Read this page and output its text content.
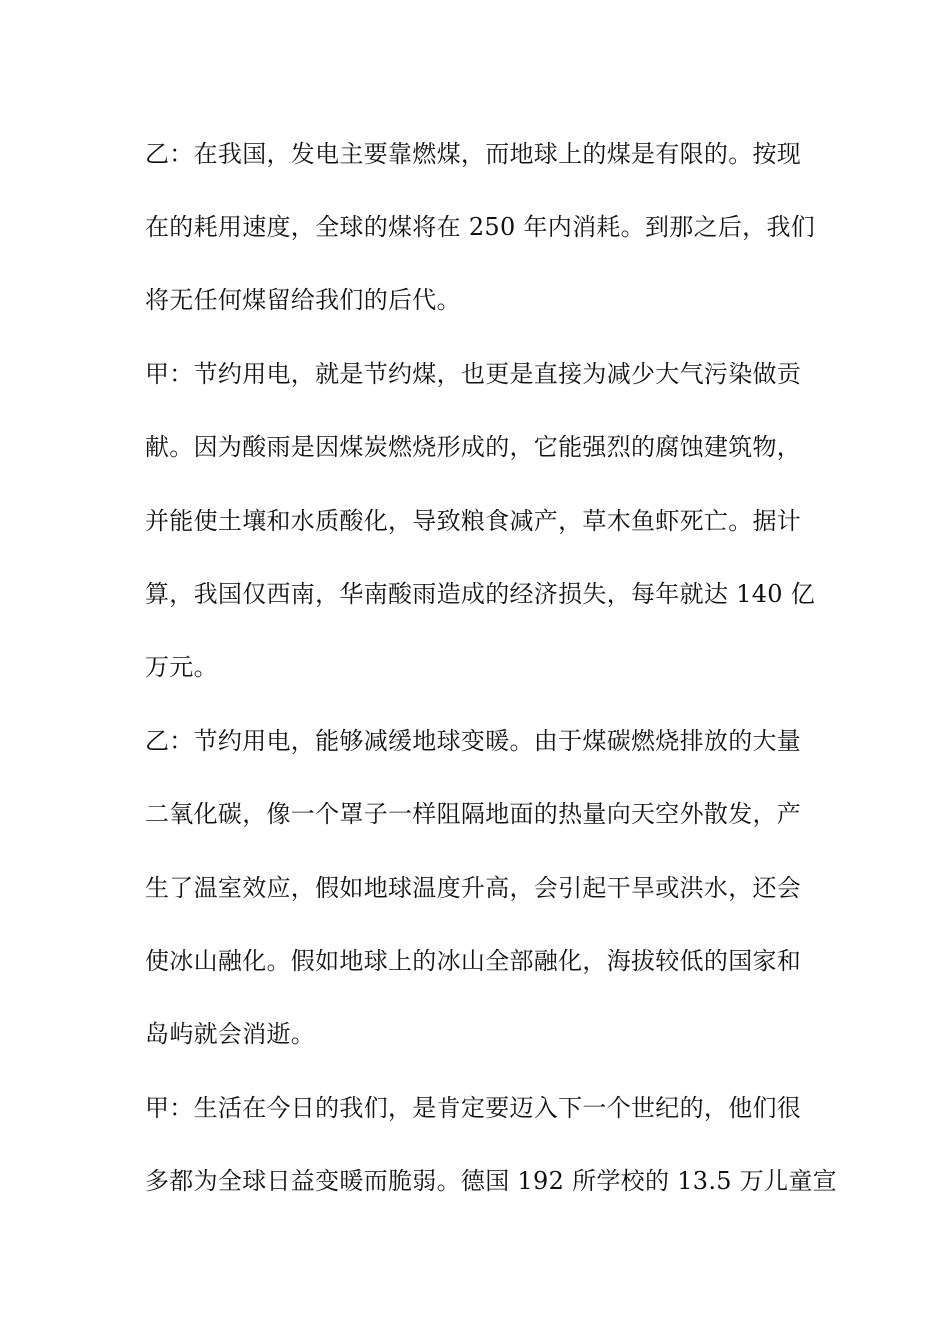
乙：在我国，发电主要靠燃煤，而地球上的煤是有限的。按现
在的耗用速度，全球的煤将在 250 年内消耗。到那之后，我们
将无任何煤留给我们的后代。
甲：节约用电，就是节约煤，也更是直接为减少大气污染做贡
献。因为酸雨是因煤炭燃烧形成的，它能强烈的腐蚀建筑物，
并能使土壤和水质酸化，导致粮食减产，草木鱼虾死亡。据计
算，我国仅西南，华南酸雨造成的经济损失，每年就达 140 亿
万元。
乙：节约用电，能够减缓地球变暖。由于煤碳燃烧排放的大量
二氧化碳，像一个罩子一样阻隔地面的热量向天空外散发，产
生了温室效应，假如地球温度升高，会引起干旱或洪水，还会
使冰山融化。假如地球上的冰山全部融化，海拔较低的国家和
岛屿就会消逝。
甲：生活在今日的我们，是肯定要迈入下一个世纪的，他们很
多都为全球日益变暖而脆弱。德国 192 所学校的 13.5 万儿童宣
